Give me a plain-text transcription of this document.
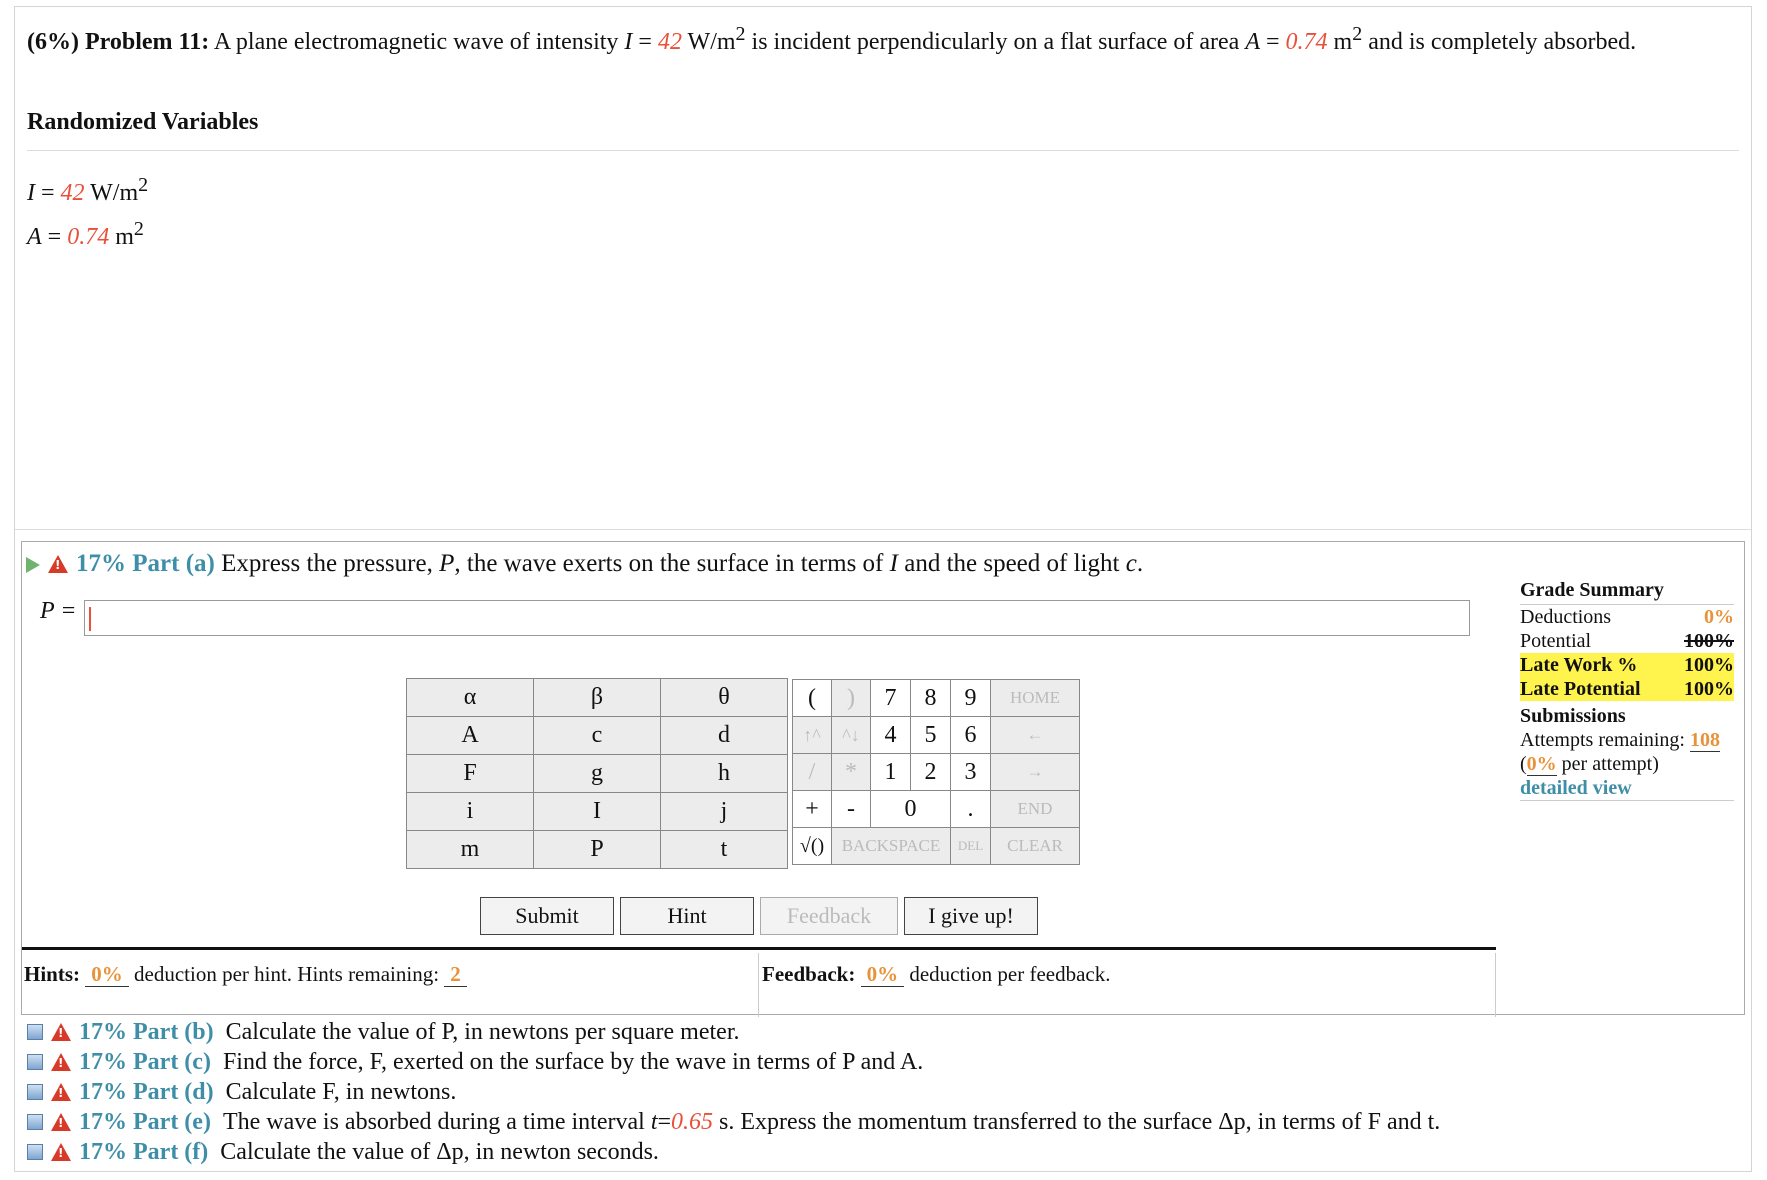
(6%) Problem 11: A plane electromagnetic wave of intensity I = 42 $W/m^2$ is incident perpendicularly on a flat surface of area A = 0.74 $m^2$ and is completely absorbed.
Randomized Variables
I = 42 $W/m^2$
A = 0.74 $m^2$
!17% Part (a) Express the pressure, P, the wave exerts on the surface in terms of I and the speed of light c.
P =
α	β	θ
A	c	d
F	g	h
i	I	j
m	P	t
(	)	7	8	9	HOME
↑^	^↓	4	5	6	←
/	*	1	2	3	→
+	-	0	.	END
√()	BACKSPACE	DEL	CLEAR
Submit	Hint	Feedback	I give up!
Hints: 0% deduction per hint. Hints remaining: 2	Feedback: 0% deduction per feedback.
Grade Summary
Deductions	0%
Potential	100%
Late Work % 100%
Late Potential 100%
Submissions
Attempts remaining: 108
(0% per attempt)
detailed view
!
17%
Part (b)
Calculate the value of P, in newtons per square meter.
!
17%
Part (c)
Find the force, F, exerted on the surface by the wave in terms of P and A.
!
17%
Part (d)
Calculate F, in newtons.
!
17%
Part (e)
The wave is absorbed during a time interval
t = 0.65
s. Express the momentum transferred to the surface Δp, in terms of F and t.
!
17%
Part (f)
Calculate the value of Δp, in newton seconds.
